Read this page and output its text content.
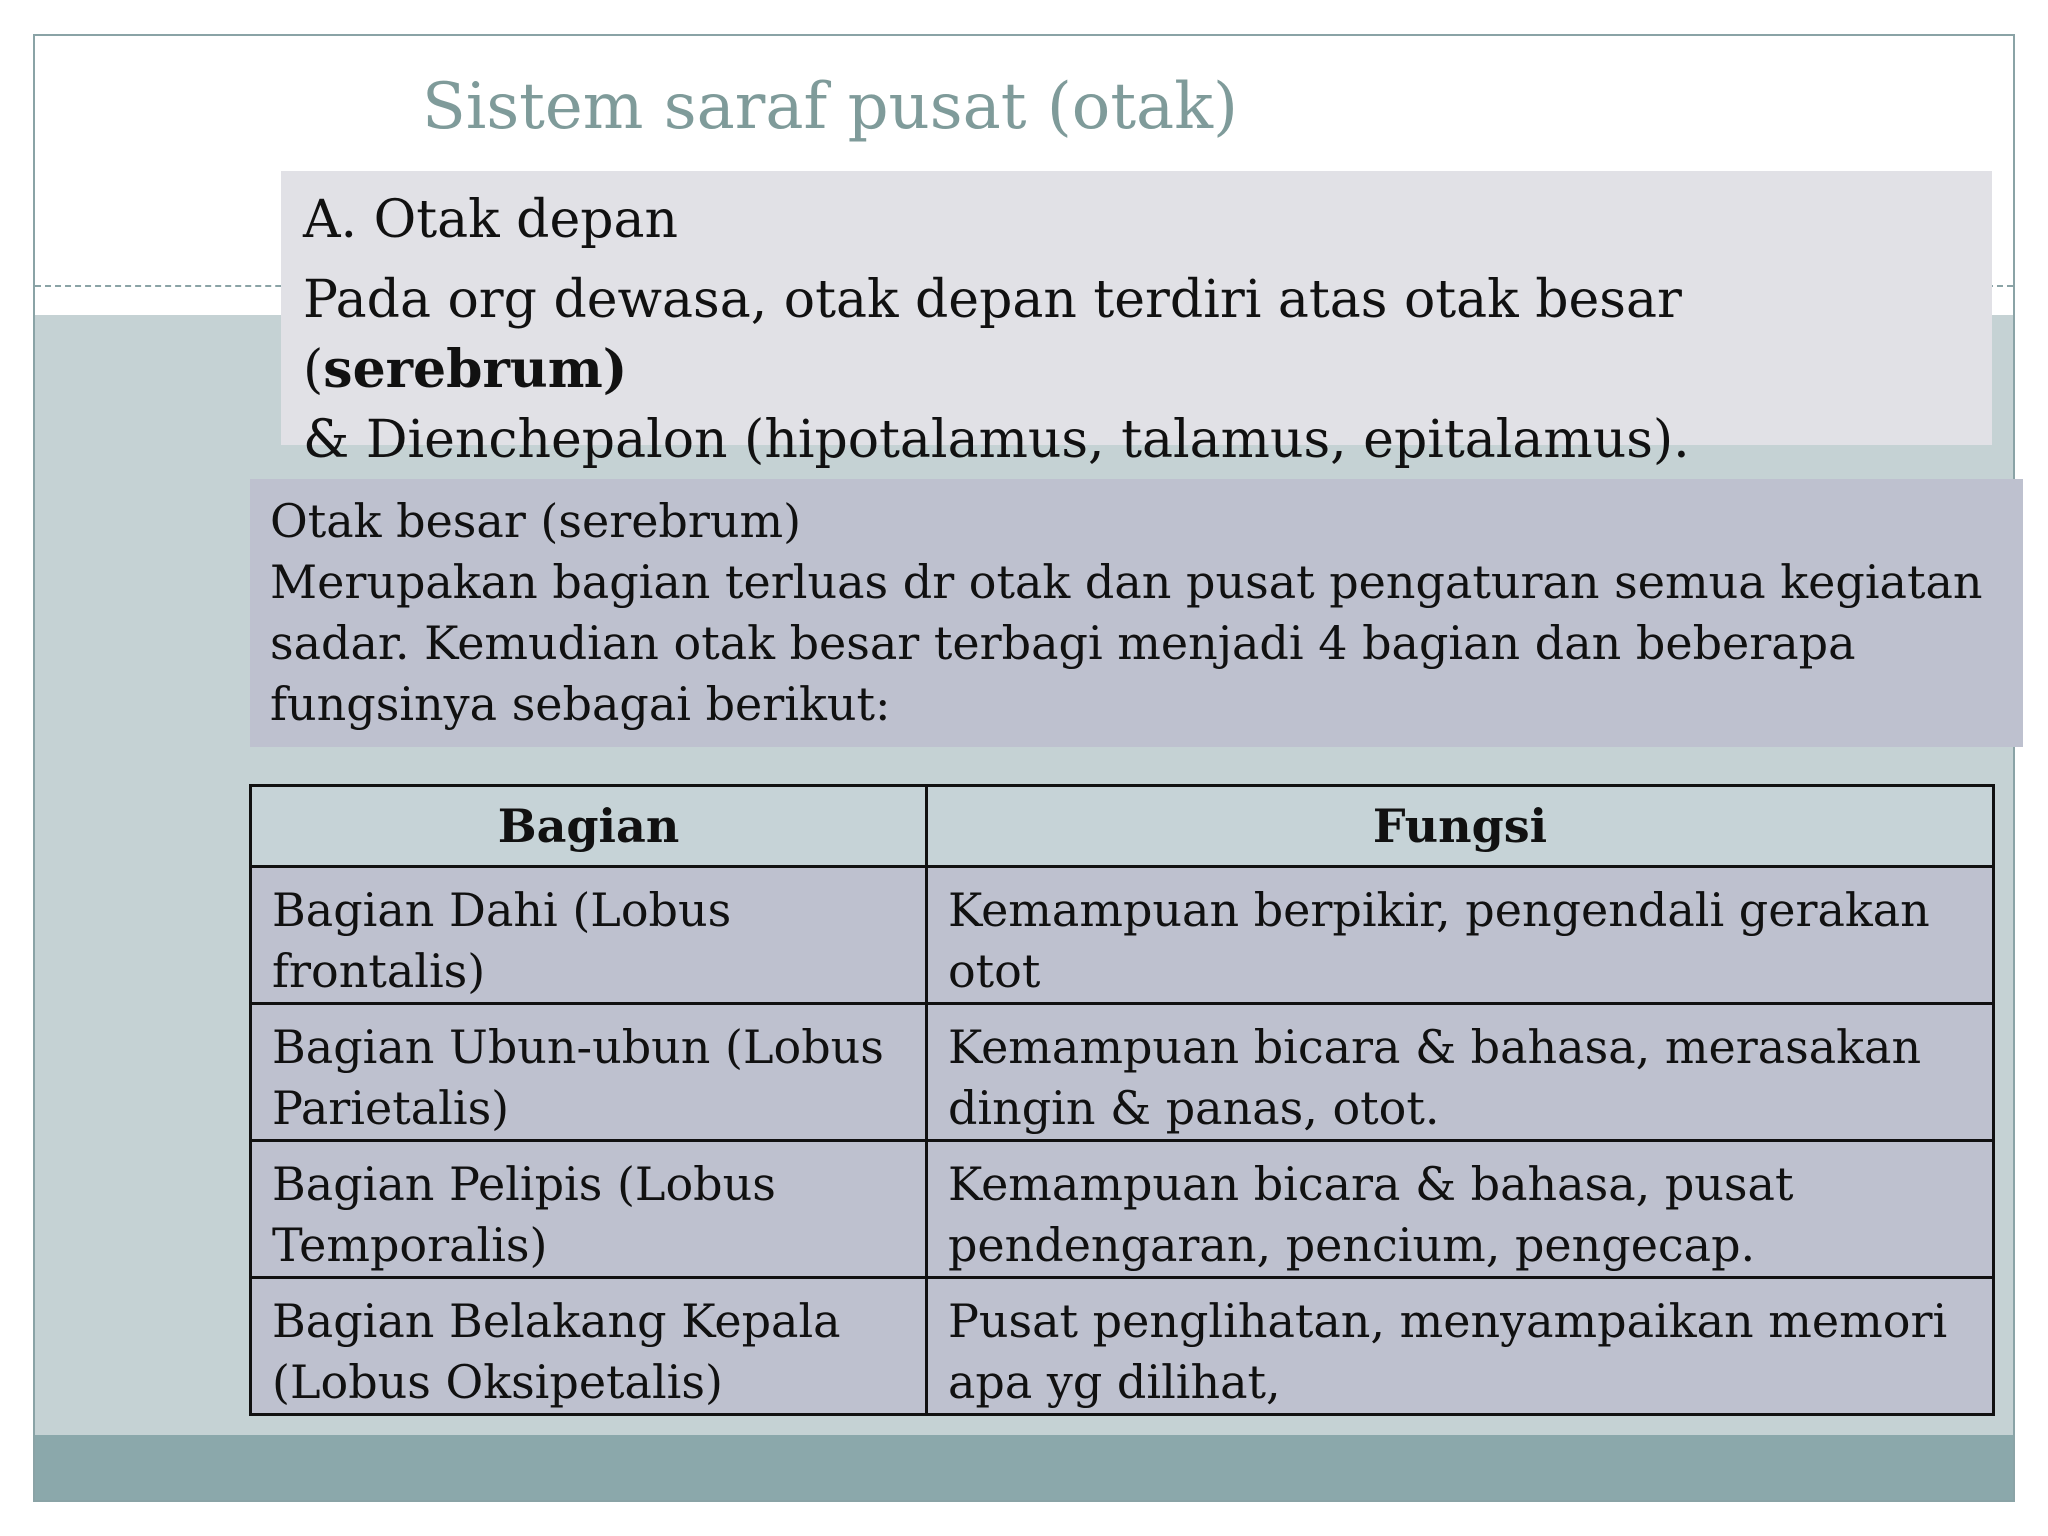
Sistem saraf pusat (otak)
A. Otak depan
Pada org dewasa, otak depan terdiri atas otak besar (serebrum)
& Dienchepalon (hipotalamus, talamus, epitalamus).
Otak besar (serebrum)
Merupakan bagian terluas dr otak dan pusat pengaturan semua kegiatan sadar. Kemudian otak besar terbagi menjadi 4 bagian dan beberapa fungsinya sebagai berikut:
Bagian	Fungsi
Bagian Dahi (Lobus frontalis)	Kemampuan berpikir, pengendali gerakan otot
Bagian Ubun-ubun (Lobus Parietalis)	Kemampuan bicara & bahasa, merasakan dingin & panas, otot.
Bagian Pelipis (Lobus Temporalis)	Kemampuan bicara & bahasa, pusat pendengaran, pencium, pengecap.
Bagian Belakang Kepala (Lobus Oksipetalis)	Pusat penglihatan, menyampaikan memori apa yg dilihat,
